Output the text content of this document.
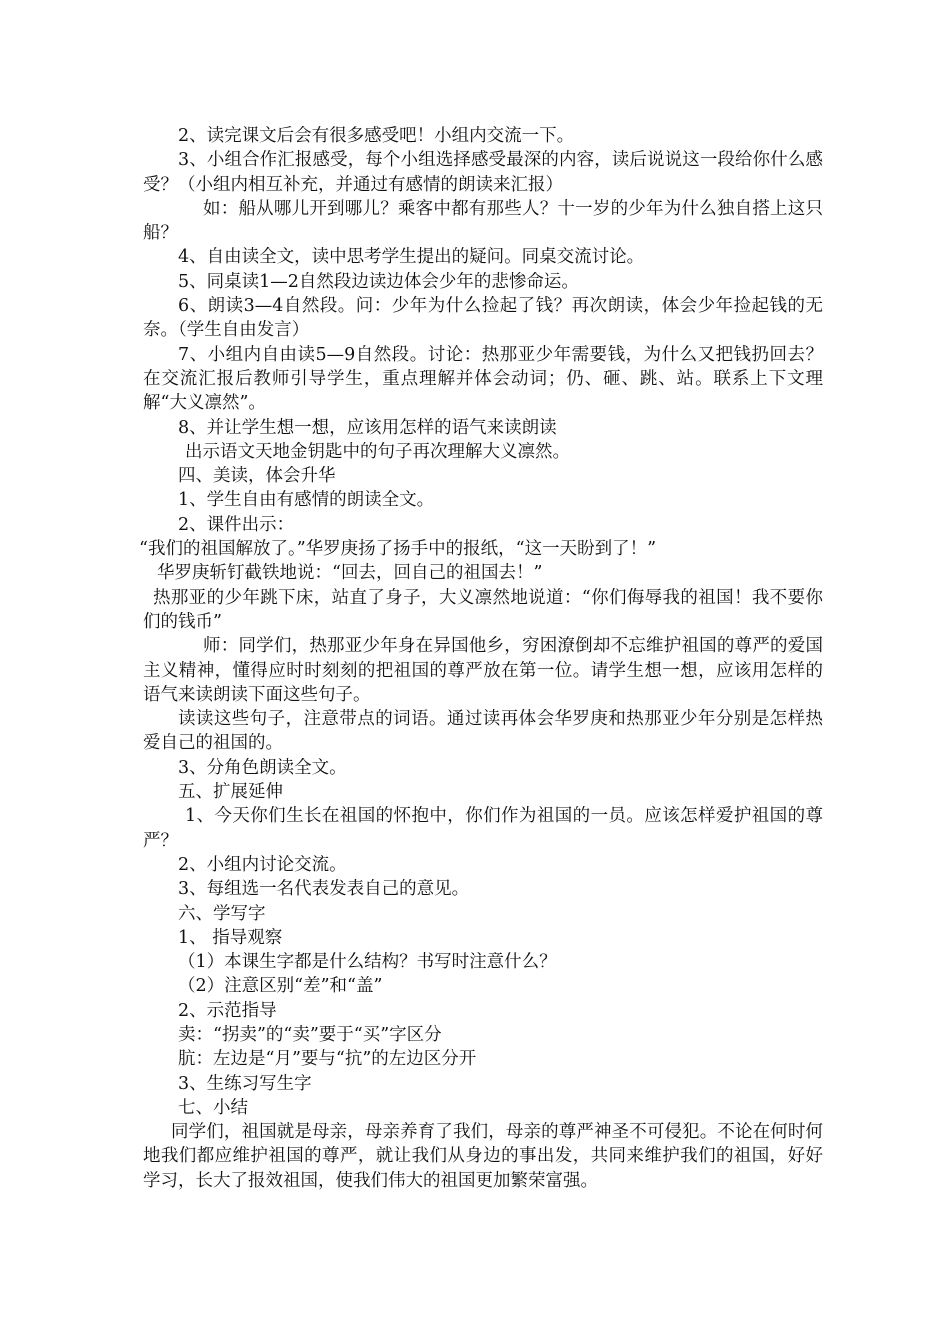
2、读完课文后会有很多感受吧！小组内交流一下。

3、小组合作汇报感受，每个小组选择感受最深的内容，读后说说这一段给你什么感受？（小组内相互补充，并通过有感情的朗读来汇报）

如：船从哪儿开到哪儿？乘客中都有那些人？十一岁的少年为什么独自搭上这只船？

4、自由读全文，读中思考学生提出的疑问。同桌交流讨论。

5、同桌读1—2自然段边读边体会少年的悲惨命运。

6、朗读3—4自然段。问：少年为什么捡起了钱？再次朗读，体会少年捡起钱的无奈。（学生自由发言）

7、小组内自由读5—9自然段。讨论：热那亚少年需要钱，为什么又把钱扔回去？在交流汇报后教师引导学生，重点理解并体会动词；仍、砸、跳、站。联系上下文理解“大义凛然”。

8、并让学生想一想，应该用怎样的语气来读朗读

出示语文天地金钥匙中的句子再次理解大义凛然。

四、美读，体会升华

1、学生自由有感情的朗读全文。

2、课件出示：

“我们的祖国解放了。”华罗庚扬了扬手中的报纸，“这一天盼到了！”

华罗庚斩钉截铁地说：“回去，回自己的祖国去！”

热那亚的少年跳下床，站直了身子，大义凛然地说道：“你们侮辱我的祖国！我不要你们的钱币”

师：同学们，热那亚少年身在异国他乡，穷困潦倒却不忘维护祖国的尊严的爱国主义精神，懂得应时时刻刻的把祖国的尊严放在第一位。请学生想一想，应该用怎样的语气来读朗读下面这些句子。

读读这些句子，注意带点的词语。通过读再体会华罗庚和热那亚少年分别是怎样热爱自己的祖国的。

3、分角色朗读全文。

五、扩展延伸

1、今天你们生长在祖国的怀抱中，你们作为祖国的一员。应该怎样爱护祖国的尊严？

2、小组内讨论交流。

3、每组选一名代表发表自己的意见。

六、学写字

1、 指导观察

（1）本课生字都是什么结构？书写时注意什么？

（2）注意区别“差”和“盖”

2、示范指导

卖：“拐卖”的“卖”要于“买”字区分

肮：左边是“月”要与“抗”的左边区分开

3、生练习写生字

七、小结

同学们，祖国就是母亲，母亲养育了我们，母亲的尊严神圣不可侵犯。不论在何时何地我们都应维护祖国的尊严，就让我们从身边的事出发，共同来维护我们的祖国，好好学习，长大了报效祖国，使我们伟大的祖国更加繁荣富强。
